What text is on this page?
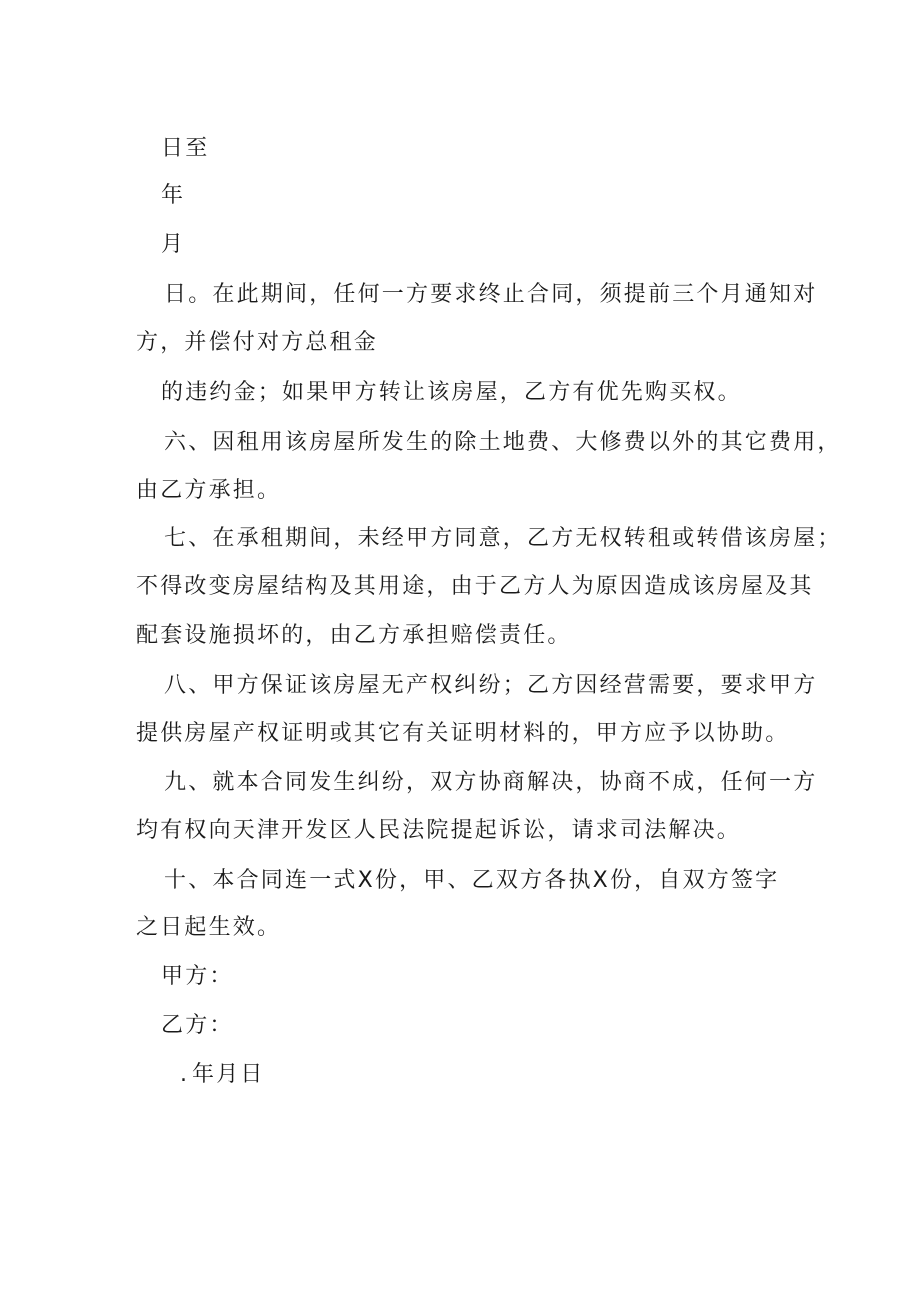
日至
年
月
日。在此期间，任何一方要求终止合同，须提前三个月通知对
方，并偿付对方总租金
的违约金；如果甲方转让该房屋，乙方有优先购买权。
六、因租用该房屋所发生的除土地费、大修费以外的其它费用，
由乙方承担。
七、在承租期间，未经甲方同意，乙方无权转租或转借该房屋；
不得改变房屋结构及其用途，由于乙方人为原因造成该房屋及其
配套设施损坏的，由乙方承担赔偿责任。
八、甲方保证该房屋无产权纠纷；乙方因经营需要，要求甲方
提供房屋产权证明或其它有关证明材料的，甲方应予以协助。
九、就本合同发生纠纷，双方协商解决，协商不成，任何一方
均有权向天津开发区人民法院提起诉讼，请求司法解决。
十、本合同连一式X份，甲、乙双方各执X份，自双方签字
之日起生效。
甲方：
乙方：
. 年月日
